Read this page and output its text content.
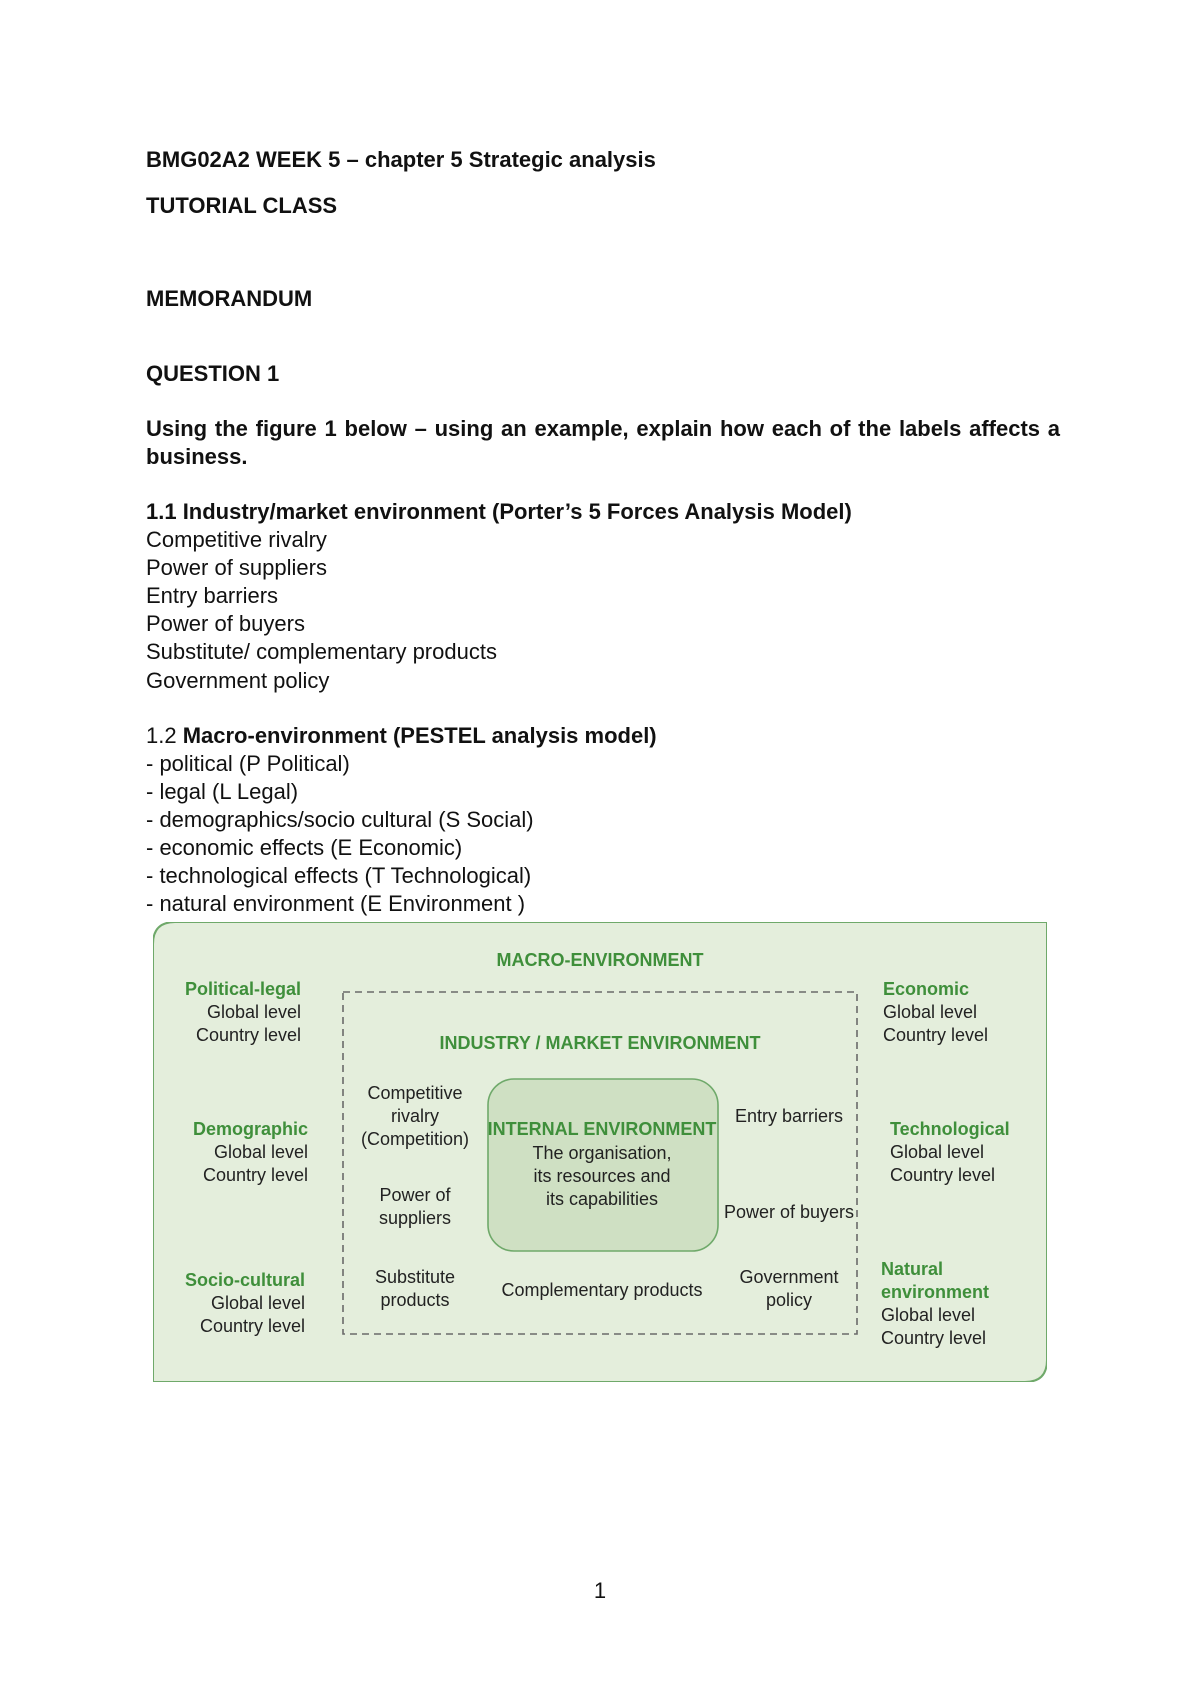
BMG02A2 WEEK 5 – chapter 5 Strategic analysis
TUTORIAL CLASS
MEMORANDUM
QUESTION 1
Using the figure 1 below – using an example, explain how each of the labels affects a business.
1.1 Industry/market environment (Porter’s 5 Forces Analysis Model)
Competitive rivalry
Power of suppliers
Entry barriers
Power of buyers
Substitute/ complementary products
Government policy
1.2 Macro-environment (PESTEL analysis model)
- political (P Political)
- legal (L Legal)
- demographics/socio cultural (S Social)
- economic effects (E Economic)
- technological effects (T Technological)
- natural environment (E Environment )
MACRO-ENVIRONMENT
INDUSTRY / MARKET ENVIRONMENT
INTERNAL ENVIRONMENT
The organisation,
its resources and
its capabilities
Competitive
rivalry
(Competition)
Power of
suppliers
Substitute
products	Complementary products
Entry barriers
Power of buyers
Government
policy
Political-legal
Global level
Country level
Demographic
Global level
Country level
Socio-cultural
Global level
Country level
Economic
Global level
Country level
Technological
Global level
Country level
Natural
environment
Global level
Country level
1
